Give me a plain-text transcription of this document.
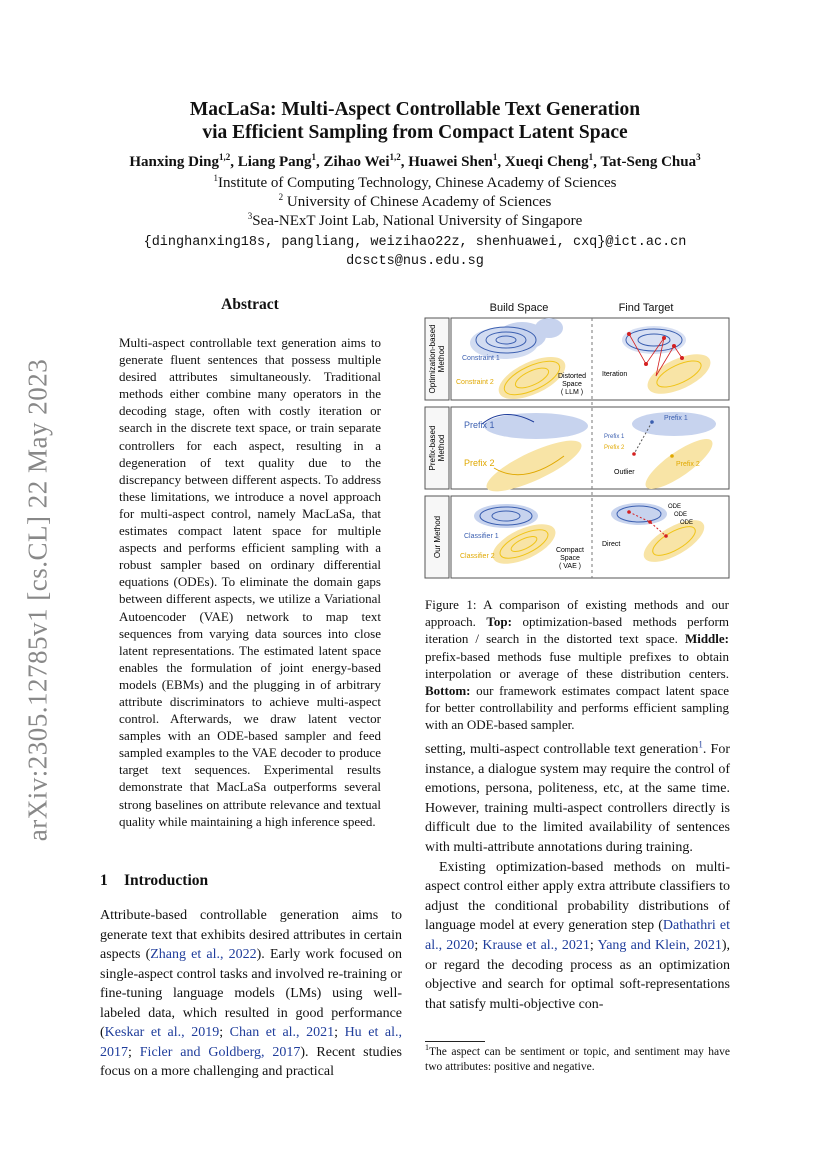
arXiv:2305.12785v1 [cs.CL] 22 May 2023
MacLaSa: Multi-Aspect Controllable Text Generation
via Efficient Sampling from Compact Latent Space
Hanxing Ding$^{1,2}$, Liang Pang$^1$, Zihao Wei$^{1,2}$, Huawei Shen$^1$, Xueqi Cheng$^1$, Tat-Seng Chua$^3$
$^1$Institute of Computing Technology, Chinese Academy of Sciences
$^2$ University of Chinese Academy of Sciences
$^3$Sea-NExT Joint Lab, National University of Singapore
{dinghanxing18s, pangliang, weizihao22z, shenhuawei, cxq}@ict.ac.cn
dcscts@nus.edu.sg
Abstract
Multi-aspect controllable text generation aims to generate fluent sentences that possess multiple desired attributes simultaneously. Traditional methods either combine many operators in the decoding stage, often with costly iteration or search in the discrete text space, or train separate controllers for each aspect, resulting in a degeneration of text quality due to the discrepancy between different aspects. To address these limitations, we introduce a novel approach for multi-aspect control, namely MacLaSa, that estimates compact latent space for multiple aspects and performs efficient sampling with a robust sampler based on ordinary differential equations (ODEs). To eliminate the domain gaps between different aspects, we utilize a Variational Autoencoder (VAE) network to map text sequences from varying data sources into close latent representations. The estimated latent space enables the formulation of joint energy-based models (EBMs) and the plugging in of arbitrary attribute discriminators to achieve multi-aspect control. Afterwards, we draw latent vector samples with an ODE-based sampler and feed sampled examples to the VAE decoder to produce target text sequences. Experimental results demonstrate that MacLaSa outperforms several strong baselines on attribute relevance and textual quality while maintaining a high inference speed.
1 Introduction
Attribute-based controllable generation aims to generate text that exhibits desired attributes in certain aspects (Zhang et al., 2022). Early work focused on single-aspect control tasks and involved re-training or fine-tuning language models (LMs) using well-labeled data, which resulted in good performance (Keskar et al., 2019; Chan et al., 2021; Hu et al., 2017; Ficler and Goldberg, 2017). Recent studies focus on a more challenging and practical
Build Space	Find Target
Optimization-based Method
Prefix-based Method
Our Method
Constraint 1
Constraint 2
Distorted
Space
( LLM )
Iteration
Prefix 1
Prefix 2
Prefix 1
Prefix 1
Prefix 2
Prefix 2
Outlier
Classifier 1
Classifier 2
Compact
Space
( VAE )
ODE
ODE
ODE
Direct
Figure 1: A comparison of existing methods and our approach. Top: optimization-based methods perform iteration / search in the distorted text space. Middle: prefix-based methods fuse multiple prefixes to obtain interpolation or average of these distribution centers. Bottom: our framework estimates compact latent space for better controllability and performs efficient sampling with an ODE-based sampler.

setting, multi-aspect controllable text generation$^1$. For instance, a dialogue system may require the control of emotions, persona, politeness, etc, at the same time. However, training multi-aspect controllers directly is difficult due to the limited availability of sentences with multi-attribute annotations during training.

Existing optimization-based methods on multi-aspect control either apply extra attribute classifiers to adjust the conditional probability distributions of language model at every generation step (Dathathri et al., 2020; Krause et al., 2021; Yang and Klein, 2021), or regard the decoding process as an optimization objective and search for optimal soft-representations that satisfy multi-objective con-

$^1$The aspect can be sentiment or topic, and sentiment may have two attributes: positive and negative.
